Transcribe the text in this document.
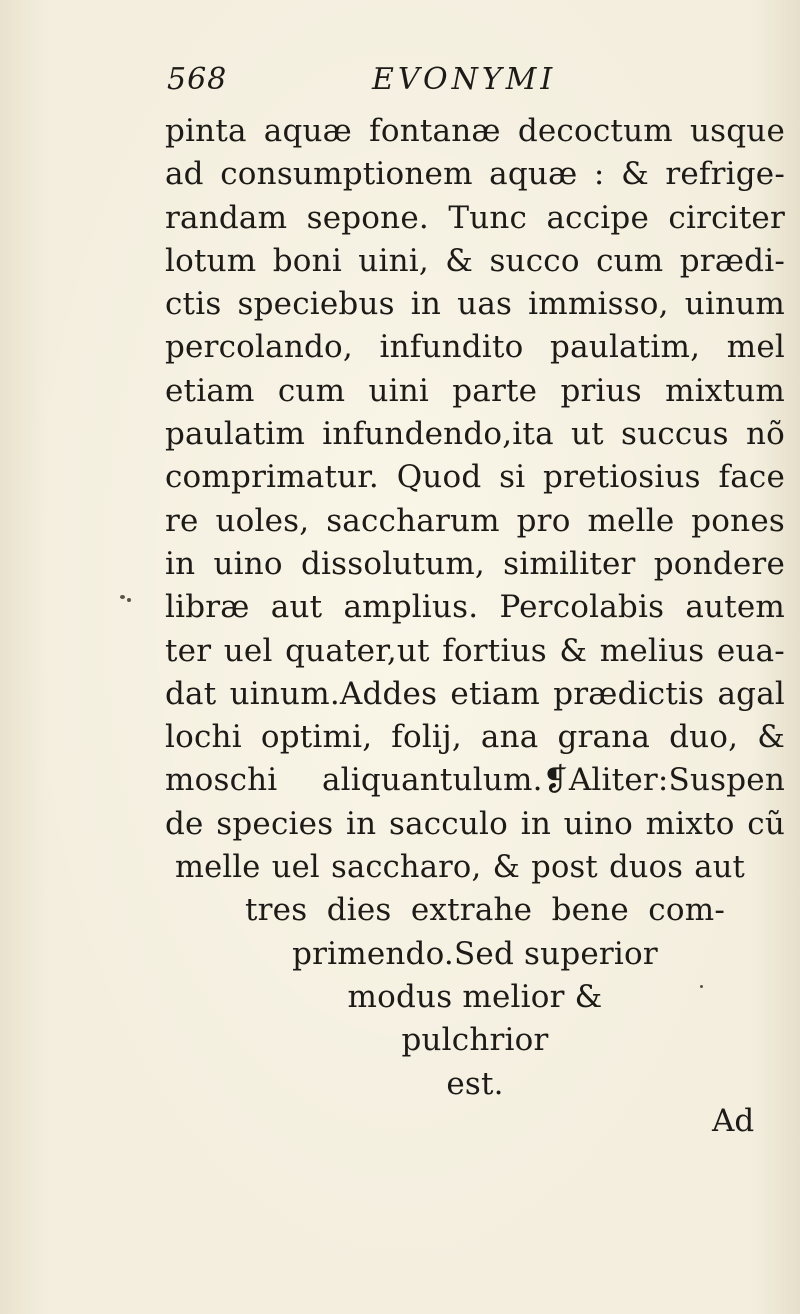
568	EVONYMI
pinta aquæ fontanæ decoctum usque
ad consumptionem aquæ : & refrige-
randam sepone. Tunc accipe circiter
lotum boni uini, & succo cum prædi-
ctis speciebus in uas immisso, uinum
percolando, infundito paulatim, mel
etiam cum uini parte prius mixtum
paulatim infundendo,ita ut succus nõ
comprimatur. Quod si pretiosius face
re uoles, saccharum pro melle pones
in uino dissolutum, similiter pondere
libræ aut amplius. Percolabis autem
ter uel quater,ut fortius & melius eua-
dat uinum.Addes etiam prædictis agal
lochi optimi, folij, ana grana duo, &
moschi aliquantulum.❡Aliter:Suspen
de species in sacculo in uino mixto cũ
melle uel saccharo, & post duos aut
tres dies extrahe bene com-
primendo.Sed superior
modus melior &
pulchrior
est.
Ad
